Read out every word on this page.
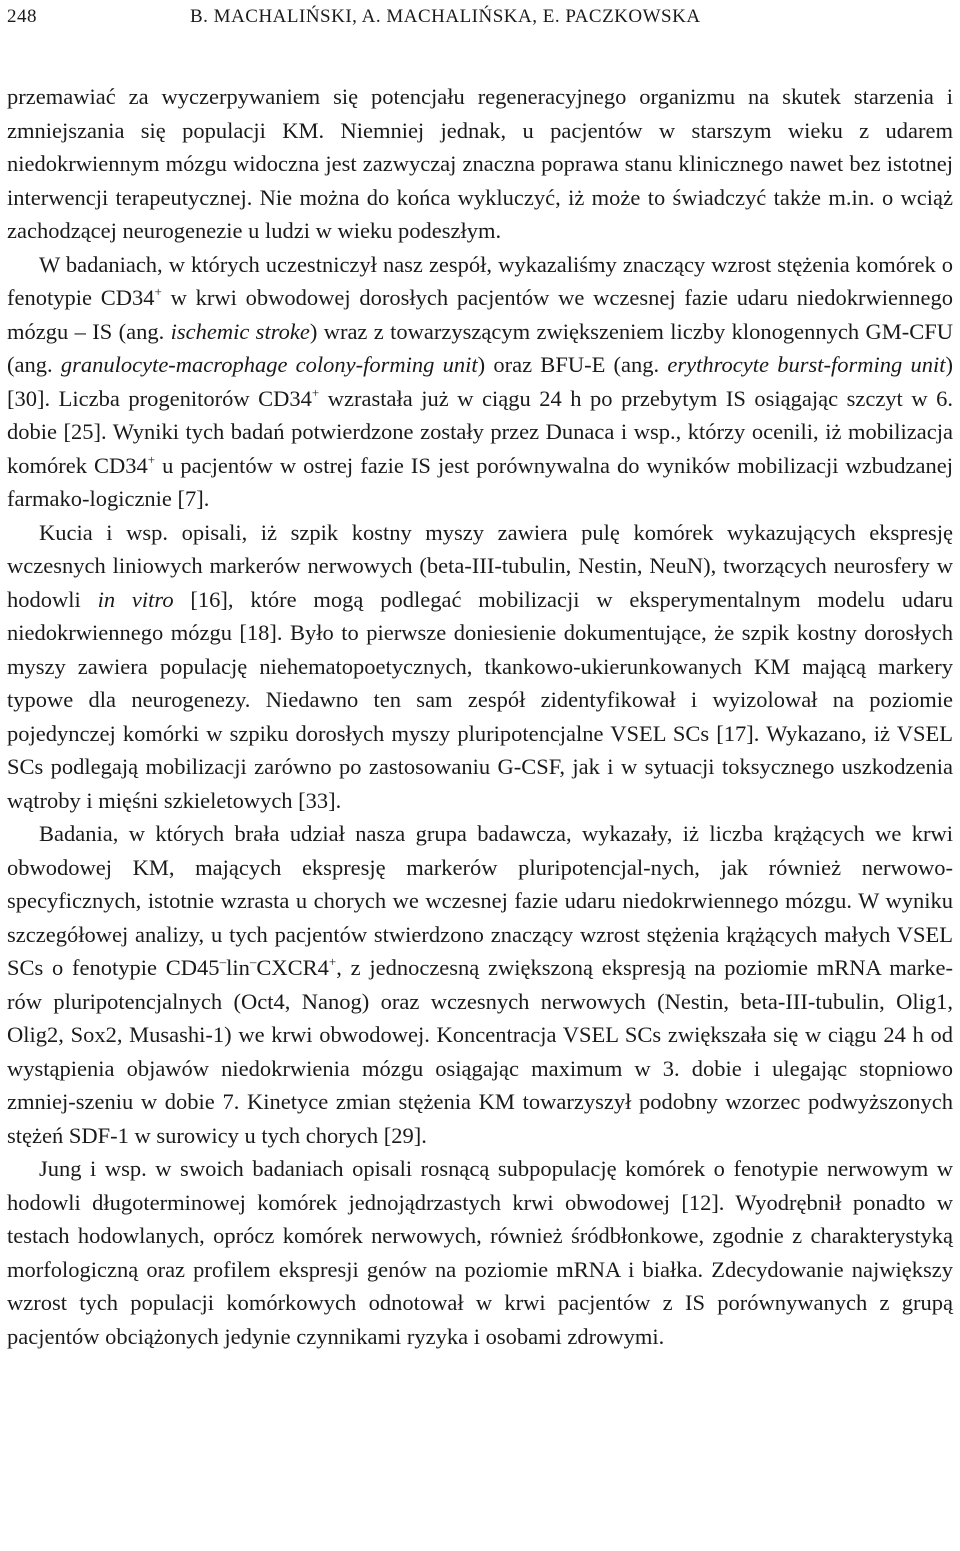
248	B. MACHALIŃSKI, A. MACHALIŃSKA, E. PACZKOWSKA

przemawiać za wyczerpywaniem się potencjału regeneracyjnego organizmu na skutek starzenia i zmniejszania się populacji KM. Niemniej jednak, u pacjentów w starszym wieku z udarem niedokrwiennym mózgu widoczna jest zazwyczaj znaczna poprawa stanu klinicznego nawet bez istotnej interwencji terapeutycznej. Nie można do końca wykluczyć, iż może to świadczyć także m.in. o wciąż zachodzącej neurogenezie u ludzi w wieku podeszłym.

W badaniach, w których uczestniczył nasz zespół, wykazaliśmy znaczący wzrost stężenia komórek o fenotypie CD34+ w krwi obwodowej dorosłych pacjentów we wczesnej fazie udaru niedokrwiennego mózgu – IS (ang. ischemic stroke) wraz z towarzyszącym zwiększeniem liczby klonogennych GM-CFU (ang. granulocyte-macrophage colony-forming unit) oraz BFU-E (ang. erythrocyte burst-forming unit) [30]. Liczba progenitorów CD34+ wzrastała już w ciągu 24 h po przebytym IS osiągając szczyt w 6. dobie [25]. Wyniki tych badań potwierdzone zostały przez Dunaca i wsp., którzy ocenili, iż mobilizacja komórek CD34+ u pacjentów w ostrej fazie IS jest porównywalna do wyników mobilizacji wzbudzanej farmako-logicznie [7].

Kucia i wsp. opisali, iż szpik kostny myszy zawiera pulę komórek wykazujących ekspresję wczesnych liniowych markerów nerwowych (beta-III-tubulin, Nestin, NeuN), tworzących neurosfery w hodowli in vitro [16], które mogą podlegać mobilizacji w eksperymentalnym modelu udaru niedokrwiennego mózgu [18]. Było to pierwsze doniesienie dokumentujące, że szpik kostny dorosłych myszy zawiera populację niehematopoetycznych, tkankowo-ukierunkowanych KM mającą markery typowe dla neurogenezy. Niedawno ten sam zespół zidentyfikował i wyizolował na poziomie pojedynczej komórki w szpiku dorosłych myszy pluripotencjalne VSEL SCs [17]. Wykazano, iż VSEL SCs podlegają mobilizacji zarówno po zastosowaniu G-CSF, jak i w sytuacji toksycznego uszkodzenia wątroby i mięśni szkieletowych [33].

Badania, w których brała udział nasza grupa badawcza, wykazały, iż liczba krążących we krwi obwodowej KM, mających ekspresję markerów pluripotencjal-nych, jak również nerwowo-specyficznych, istotnie wzrasta u chorych we wczesnej fazie udaru niedokrwiennego mózgu. W wyniku szczegółowej analizy, u tych pacjentów stwierdzono znaczący wzrost stężenia krążących małych VSEL SCs o fenotypie CD45–lin–CXCR4+, z jednoczesną zwiększoną ekspresją na poziomie mRNA marke-rów pluripotencjalnych (Oct4, Nanog) oraz wczesnych nerwowych (Nestin, beta-III-tubulin, Olig1, Olig2, Sox2, Musashi-1) we krwi obwodowej. Koncentracja VSEL SCs zwiększała się w ciągu 24 h od wystąpienia objawów niedokrwienia mózgu osiągając maximum w 3. dobie i ulegając stopniowo zmniej-szeniu w dobie 7. Kinetyce zmian stężenia KM towarzyszył podobny wzorzec podwyższonych stężeń SDF-1 w surowicy u tych chorych [29].

Jung i wsp. w swoich badaniach opisali rosnącą subpopulację komórek o fenotypie nerwowym w hodowli długoterminowej komórek jednojądrzastych krwi obwodowej [12]. Wyodrębnił ponadto w testach hodowlanych, oprócz komórek nerwowych, również śródbłonkowe, zgodnie z charakterystyką morfologiczną oraz profilem ekspresji genów na poziomie mRNA i białka. Zdecydowanie największy wzrost tych populacji komórkowych odnotował w krwi pacjentów z IS porównywanych z grupą pacjentów obciążonych jedynie czynnikami ryzyka i osobami zdrowymi.
